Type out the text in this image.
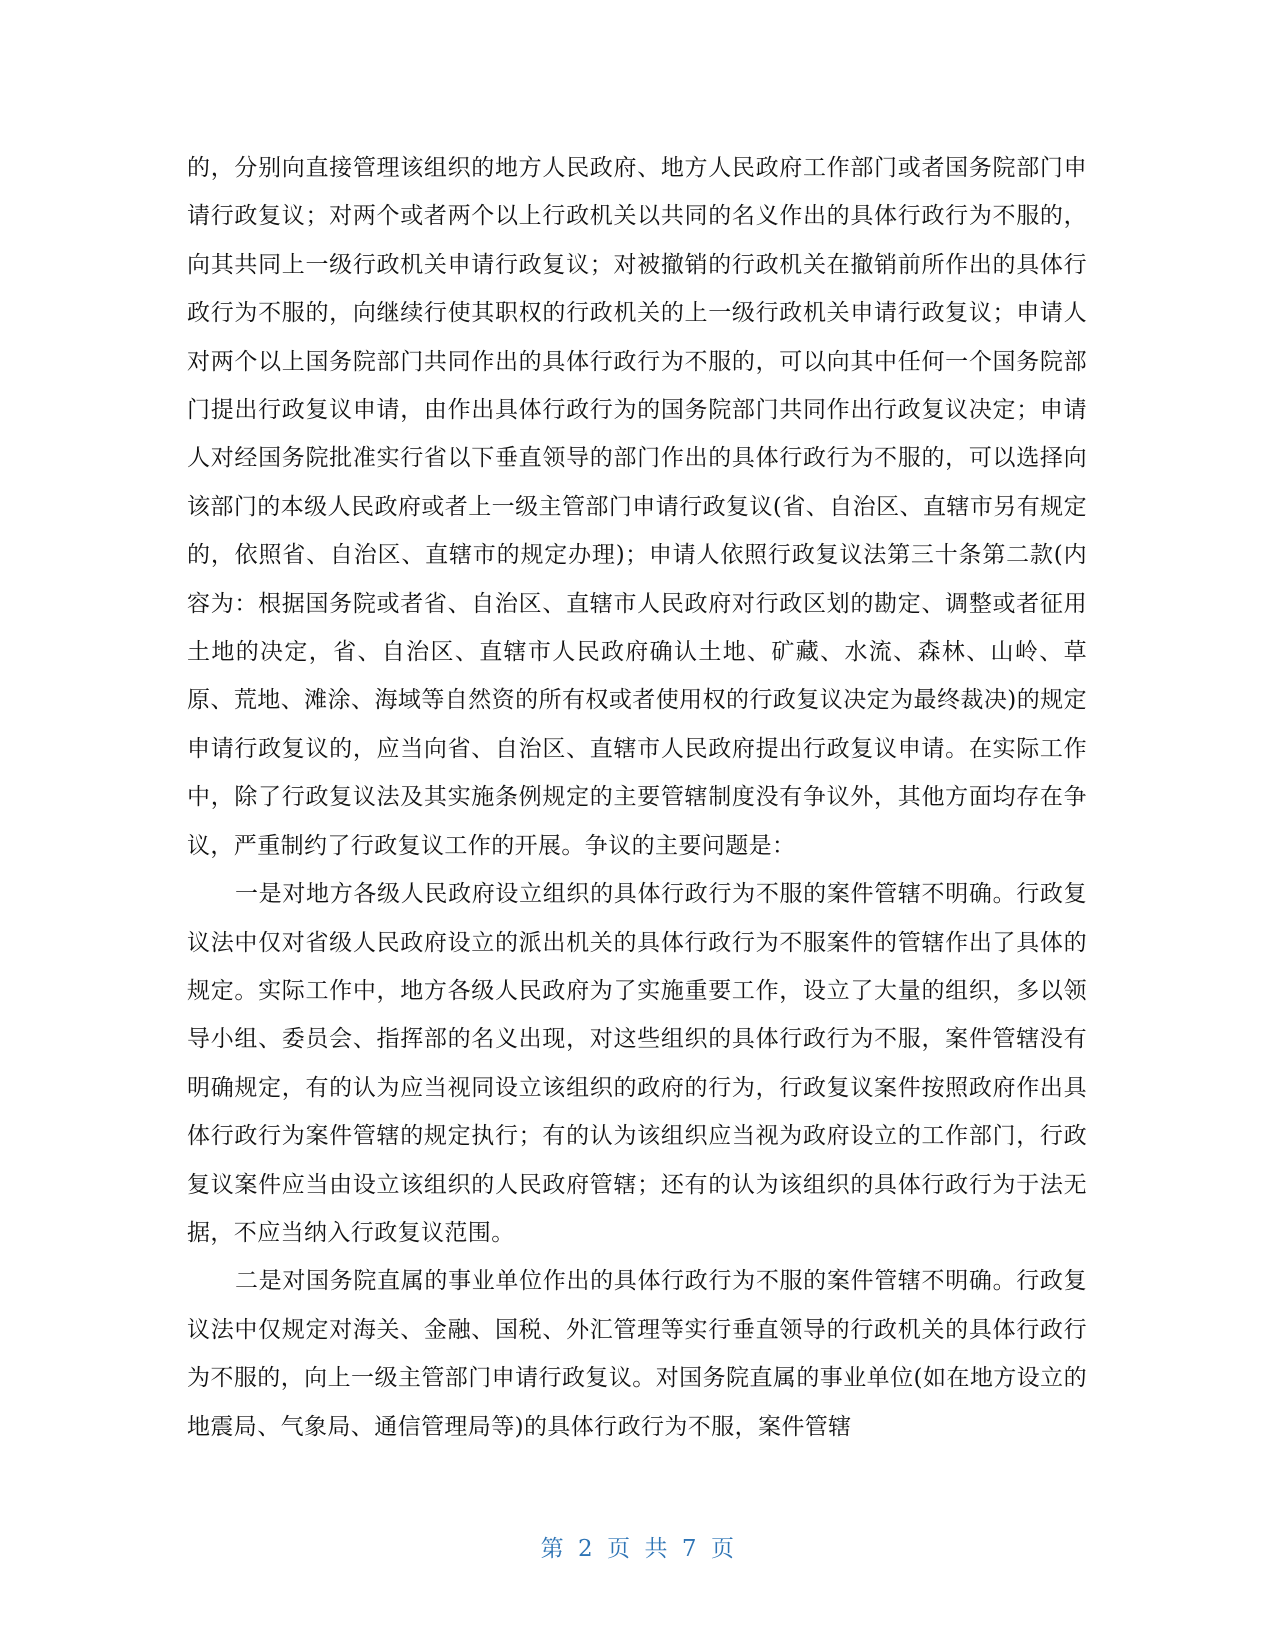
的，分别向直接管理该组织的地方人民政府、地方人民政府工作部门或者国务院部门申请行政复议；对两个或者两个以上行政机关以共同的名义作出的具体行政行为不服的，向其共同上一级行政机关申请行政复议；对被撤销的行政机关在撤销前所作出的具体行政行为不服的，向继续行使其职权的行政机关的上一级行政机关申请行政复议；申请人对两个以上国务院部门共同作出的具体行政行为不服的，可以向其中任何一个国务院部门提出行政复议申请，由作出具体行政行为的国务院部门共同作出行政复议决定；申请人对经国务院批准实行省以下垂直领导的部门作出的具体行政行为不服的，可以选择向该部门的本级人民政府或者上一级主管部门申请行政复议(省、自治区、直辖市另有规定的，依照省、自治区、直辖市的规定办理)；申请人依照行政复议法第三十条第二款(内容为：根据国务院或者省、自治区、直辖市人民政府对行政区划的勘定、调整或者征用土地的决定，省、自治区、直辖市人民政府确认土地、矿藏、水流、森林、山岭、草原、荒地、滩涂、海域等自然资的所有权或者使用权的行政复议决定为最终裁决)的规定申请行政复议的，应当向省、自治区、直辖市人民政府提出行政复议申请。在实际工作中，除了行政复议法及其实施条例规定的主要管辖制度没有争议外，其他方面均存在争议，严重制约了行政复议工作的开展。争议的主要问题是：

一是对地方各级人民政府设立组织的具体行政行为不服的案件管辖不明确。行政复议法中仅对省级人民政府设立的派出机关的具体行政行为不服案件的管辖作出了具体的规定。实际工作中，地方各级人民政府为了实施重要工作，设立了大量的组织，多以领导小组、委员会、指挥部的名义出现，对这些组织的具体行政行为不服，案件管辖没有明确规定，有的认为应当视同设立该组织的政府的行为，行政复议案件按照政府作出具体行政行为案件管辖的规定执行；有的认为该组织应当视为政府设立的工作部门，行政复议案件应当由设立该组织的人民政府管辖；还有的认为该组织的具体行政行为于法无据，不应当纳入行政复议范围。

二是对国务院直属的事业单位作出的具体行政行为不服的案件管辖不明确。行政复议法中仅规定对海关、金融、国税、外汇管理等实行垂直领导的行政机关的具体行政行为不服的，向上一级主管部门申请行政复议。对国务院直属的事业单位(如在地方设立的地震局、气象局、通信管理局等)的具体行政行为不服，案件管辖

第 2 页 共 7 页
